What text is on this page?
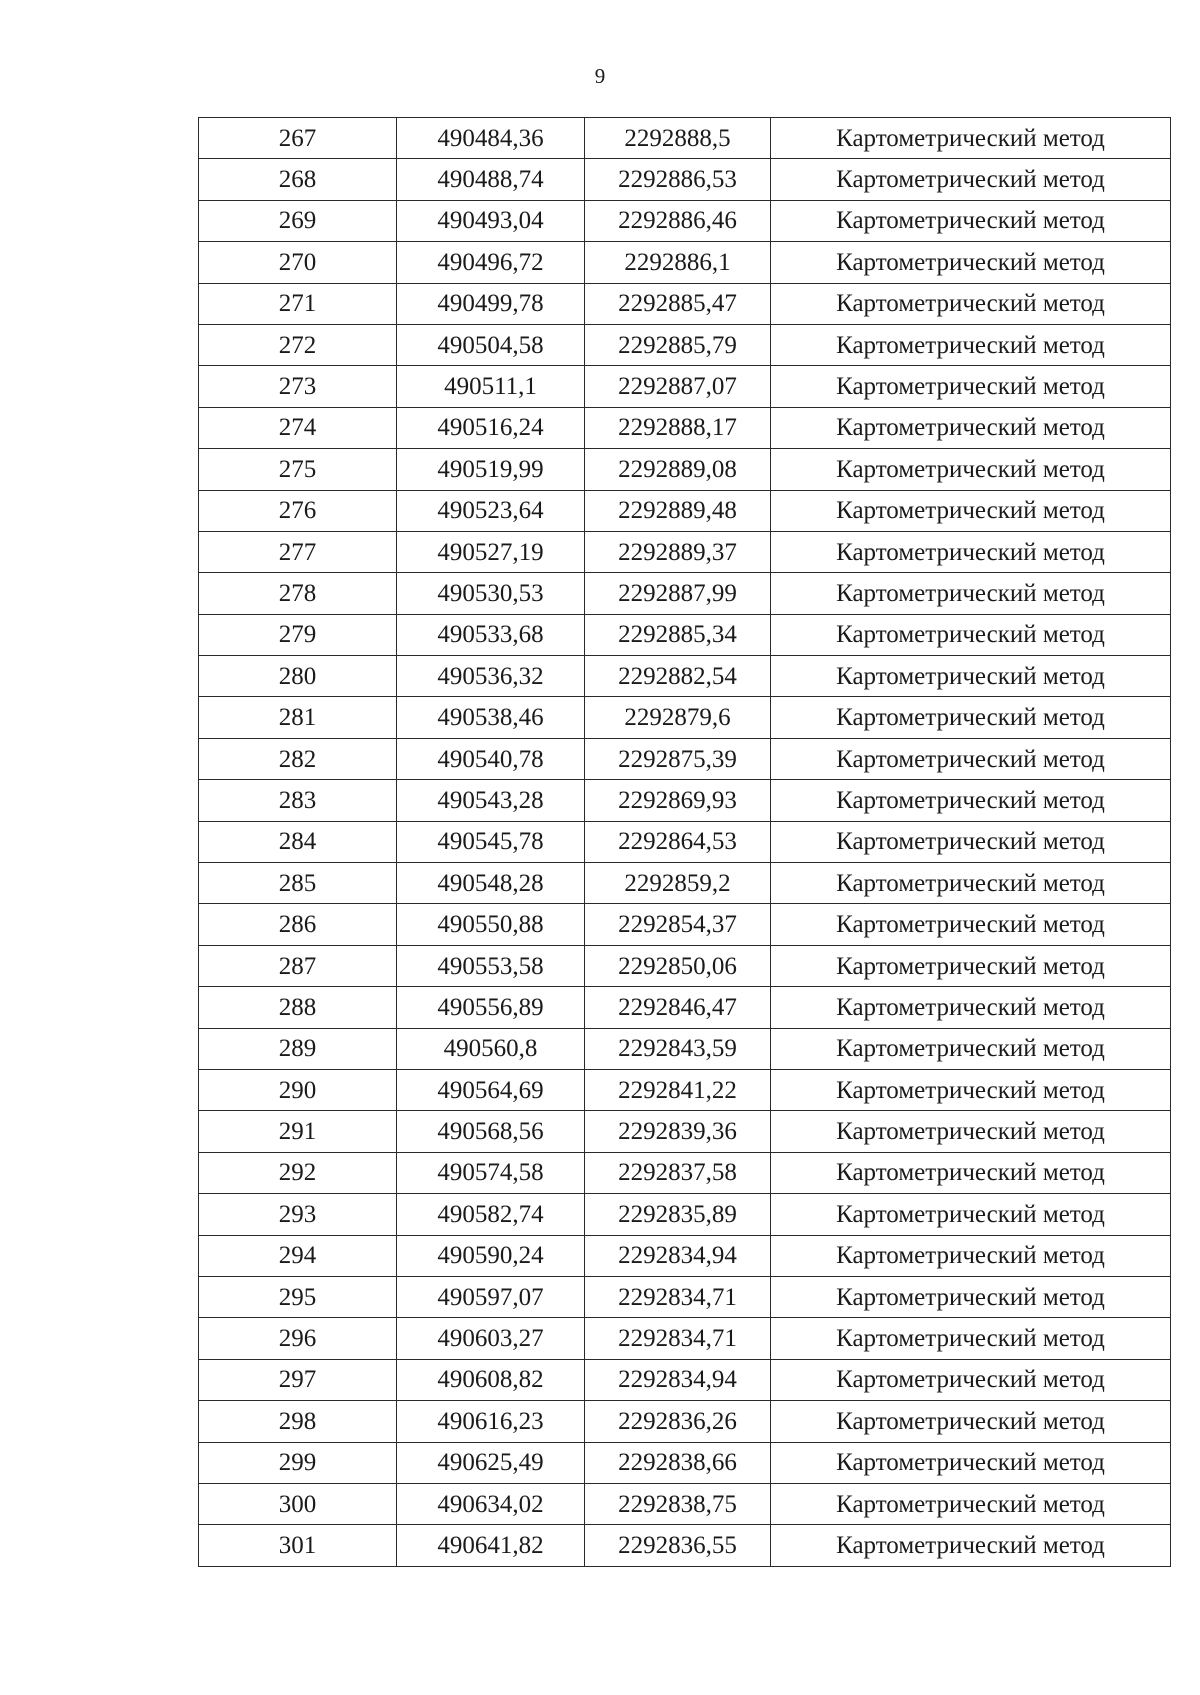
9
267	490484,36	2292888,5	Картометрический метод
268	490488,74	2292886,53	Картометрический метод
269	490493,04	2292886,46	Картометрический метод
270	490496,72	2292886,1	Картометрический метод
271	490499,78	2292885,47	Картометрический метод
272	490504,58	2292885,79	Картометрический метод
273	490511,1	2292887,07	Картометрический метод
274	490516,24	2292888,17	Картометрический метод
275	490519,99	2292889,08	Картометрический метод
276	490523,64	2292889,48	Картометрический метод
277	490527,19	2292889,37	Картометрический метод
278	490530,53	2292887,99	Картометрический метод
279	490533,68	2292885,34	Картометрический метод
280	490536,32	2292882,54	Картометрический метод
281	490538,46	2292879,6	Картометрический метод
282	490540,78	2292875,39	Картометрический метод
283	490543,28	2292869,93	Картометрический метод
284	490545,78	2292864,53	Картометрический метод
285	490548,28	2292859,2	Картометрический метод
286	490550,88	2292854,37	Картометрический метод
287	490553,58	2292850,06	Картометрический метод
288	490556,89	2292846,47	Картометрический метод
289	490560,8	2292843,59	Картометрический метод
290	490564,69	2292841,22	Картометрический метод
291	490568,56	2292839,36	Картометрический метод
292	490574,58	2292837,58	Картометрический метод
293	490582,74	2292835,89	Картометрический метод
294	490590,24	2292834,94	Картометрический метод
295	490597,07	2292834,71	Картометрический метод
296	490603,27	2292834,71	Картометрический метод
297	490608,82	2292834,94	Картометрический метод
298	490616,23	2292836,26	Картометрический метод
299	490625,49	2292838,66	Картометрический метод
300	490634,02	2292838,75	Картометрический метод
301	490641,82	2292836,55	Картометрический метод
